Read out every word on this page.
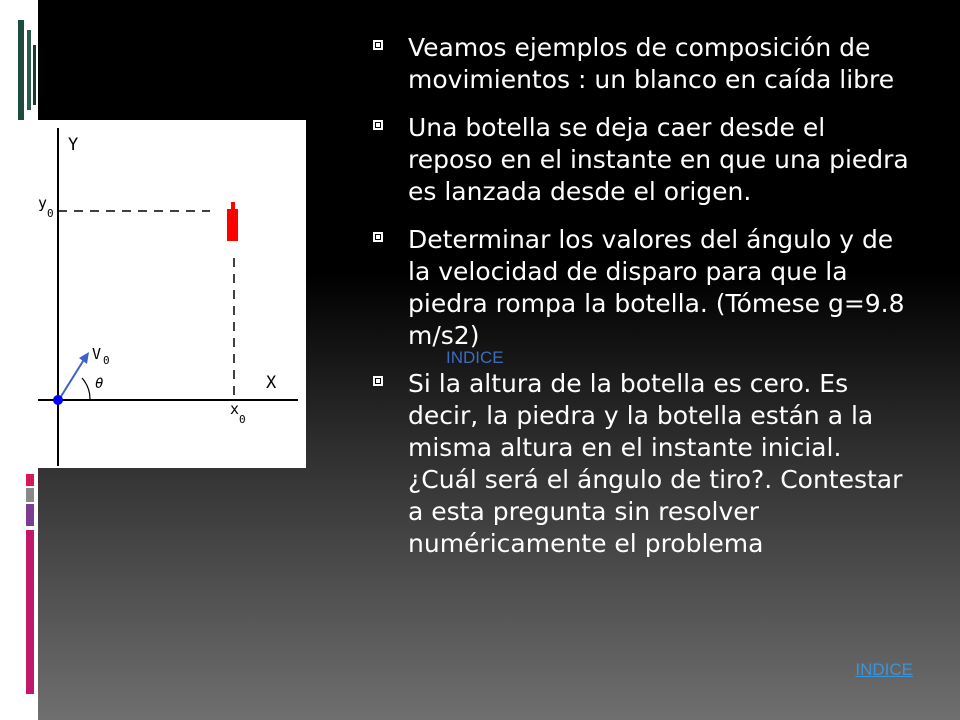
Y
X
y
0
x
0
V 0
θ
Veamos ejemplos de composición de movimientos : un blanco en caída libre
Una botella se deja caer desde el reposo en el instante en que una piedra es lanzada desde el origen.
Determinar los valores del ángulo y de la velocidad de disparo para que la piedra rompa la botella. (Tómese g=9.8 m/s2)
Si la altura de la botella es cero. Es decir, la piedra y la botella están a la misma altura en el instante inicial. ¿Cuál será el ángulo de tiro?. Contestar a esta pregunta sin resolver numéricamente el problema
INDICE
INDICE
